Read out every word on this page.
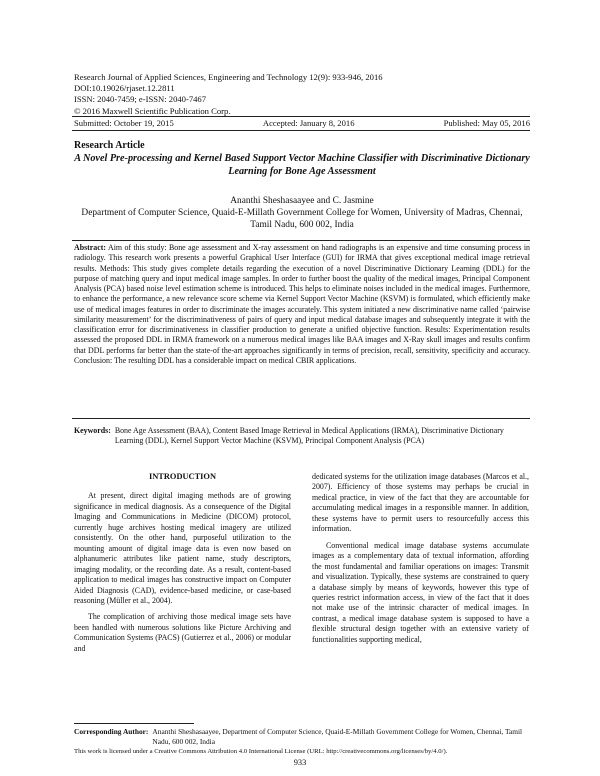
Research Journal of Applied Sciences, Engineering and Technology 12(9): 933-946, 2016
DOI:10.19026/rjaset.12.2811
ISSN: 2040-7459; e-ISSN: 2040-7467
© 2016 Maxwell Scientific Publication Corp.
Submitted: October 19, 2015	Accepted: January 8, 2016	Published: May 05, 2016
Research Article
A Novel Pre-processing and Kernel Based Support Vector Machine Classifier with Discriminative Dictionary Learning for Bone Age Assessment
Ananthi Sheshasaayee and C. Jasmine
Department of Computer Science, Quaid-E-Millath Government College for Women, University of Madras, Chennai, Tamil Nadu, 600 002, India
Abstract: Aim of this study: Bone age assessment and X-ray assessment on hand radiographs is an expensive and time consuming process in radiology. This research work presents a powerful Graphical User Interface (GUI) for IRMA that gives exceptional medical image retrieval results. Methods: This study gives complete details regarding the execution of a novel Discriminative Dictionary Learning (DDL) for the purpose of matching query and input medical image samples. In order to further boost the quality of the medical images, Principal Component Analysis (PCA) based noise level estimation scheme is introduced. This helps to eliminate noises included in the medical images. Furthermore, to enhance the performance, a new relevance score scheme via Kernel Support Vector Machine (KSVM) is formulated, which efficiently make use of medical images features in order to discriminate the images accurately. This system initiated a new discriminative name called ‘pairwise similarity measurement’ for the discriminativeness of pairs of query and input medical database images and subsequently integrate it with the classification error for discriminativeness in classifier production to generate a unified objective function. Results: Experimentation results assessed the proposed DDL in IRMA framework on a numerous medical images like BAA images and X-Ray skull images and results confirm that DDL performs far better than the state-of the-art approaches significantly in terms of precision, recall, sensitivity, specificity and accuracy. Conclusion: The resulting DDL has a considerable impact on medical CBIR applications.
Keywords: Bone Age Assessment (BAA), Content Based Image Retrieval in Medical Applications (IRMA), Discriminative Dictionary Learning (DDL), Kernel Support Vector Machine (KSVM), Principal Component Analysis (PCA)
INTRODUCTION

At present, direct digital imaging methods are of growing significance in medical diagnosis. As a consequence of the Digital Imaging and Communications in Medicine (DICOM) protocol, currently huge archives hosting medical imagery are utilized consistently. On the other hand, purposeful utilization to the mounting amount of digital image data is even now based on alphanumeric attributes like patient name, study descriptors, imaging modality, or the recording date. As a result, content-based application to medical images has constructive impact on Computer Aided Diagnosis (CAD), evidence-based medicine, or case-based reasoning (Müller et al., 2004).

The complication of archiving those medical image sets have been handled with numerous solutions like Picture Archiving and Communication Systems (PACS) (Gutierrez et al., 2006) or modular and

dedicated systems for the utilization image databases (Marcos et al., 2007). Efficiency of those systems may perhaps be crucial in medical practice, in view of the fact that they are accountable for accumulating medical images in a responsible manner. In addition, these systems have to permit users to resourcefully access this information.

Conventional medical image database systems accumulate images as a complementary data of textual information, affording the most fundamental and familiar operations on images: Transmit and visualization. Typically, these systems are constrained to query a database simply by means of keywords, however this type of queries restrict information access, in view of the fact that it does not make use of the intrinsic character of medical images. In contrast, a medical image database system is supposed to have a flexible structural design together with an extensive variety of functionalities supporting medical,

Corresponding Author: Ananthi Sheshasaayee, Department of Computer Science, Quaid-E-Millath Government College for Women, Chennai, Tamil Nadu, 600 002, India
This work is licensed under a Creative Commons Attribution 4.0 International License (URL: http://creativecommons.org/licenses/by/4.0/).
933
